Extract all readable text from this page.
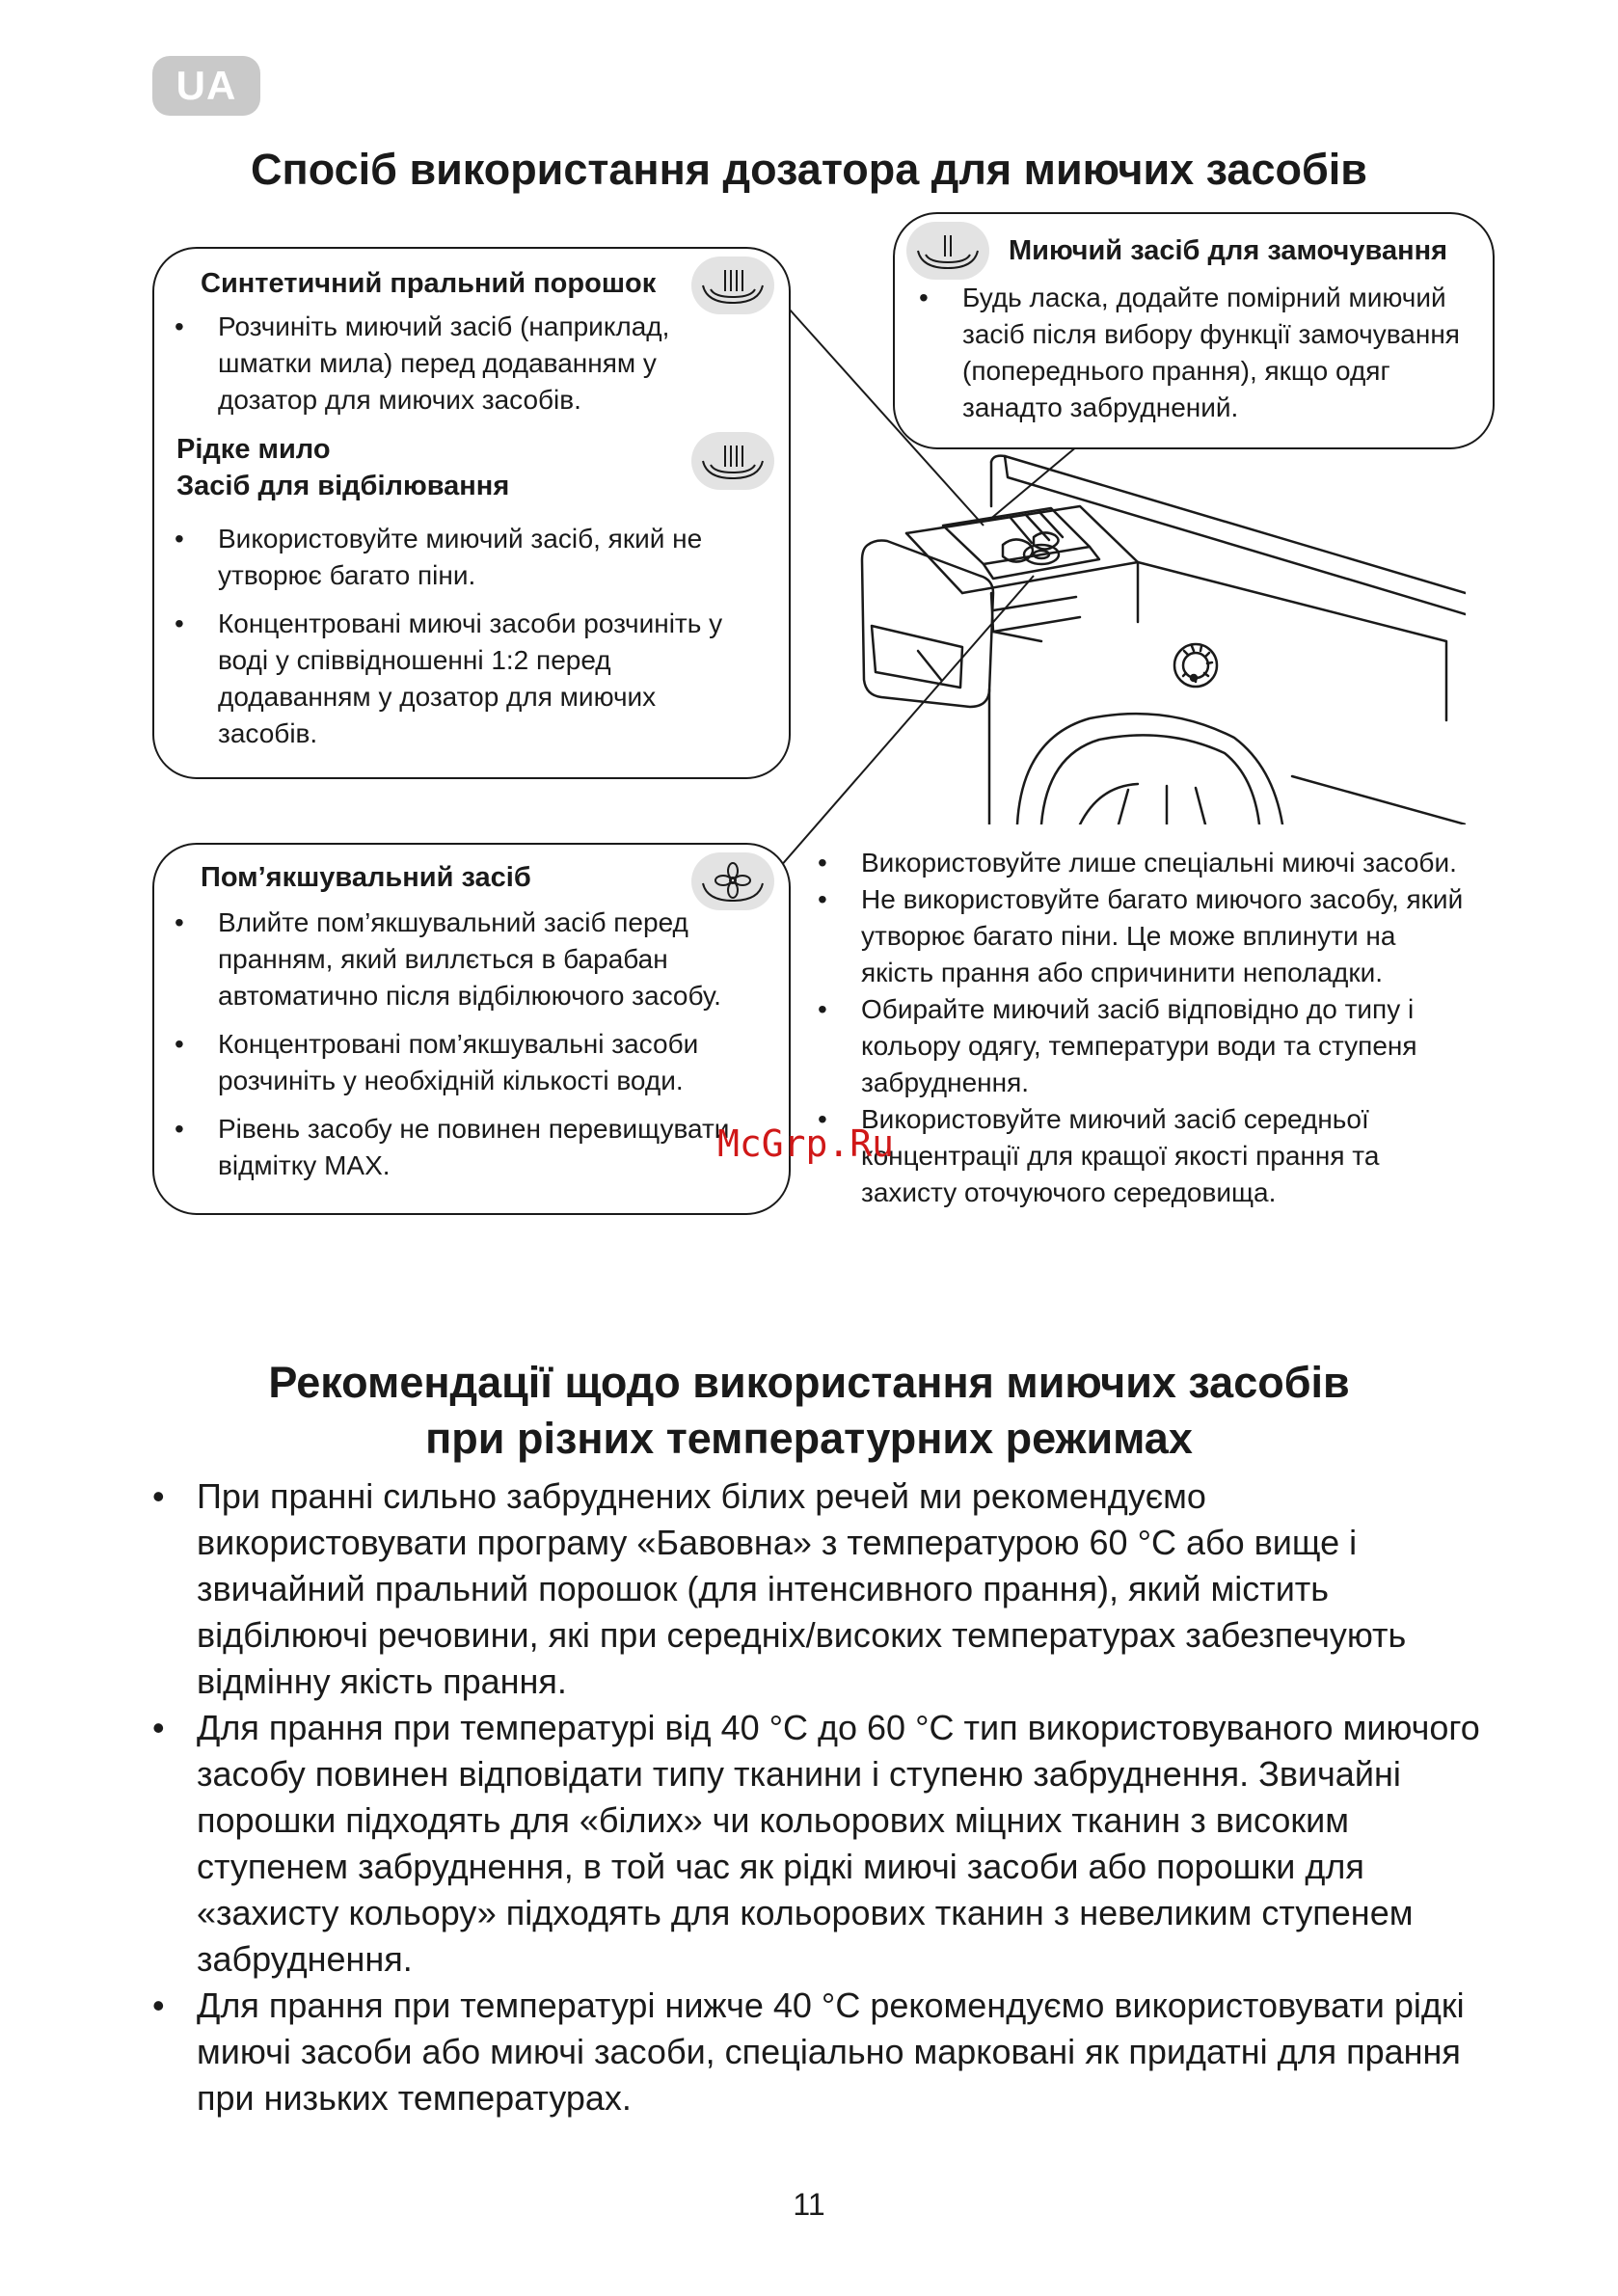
UA
Спосіб використання дозатора для миючих засобів
Синтетичний пральний порошок
• Розчиніть миючий засіб (наприклад, шматки мила) перед додаванням у дозатор для миючих засобів.
Рідке мило
Засіб для відбілювання
• Використовуйте миючий засіб, який не утворює багато піни.
• Концентровані миючі засоби розчиніть у воді у співвідношенні 1:2 перед додаванням у дозатор для миючих засобів.
Миючий засіб для замочування
• Будь ласка, додайте помірний миючий засіб після вибору функції замочування (попереднього прання), якщо одяг занадто забруднений.
Пом’якшувальний засіб
• Влийте пом’якшувальний засіб перед пранням, який виллється в барабан автоматично після відбілюючого засобу.
• Концентровані пом’якшувальні засоби розчиніть у необхідній кількості води.
• Рівень засобу не повинен перевищувати відмітку MAX.
• Використовуйте лише спеціальні миючі засоби.
• Не використовуйте багато миючого засобу, який утворює багато піни. Це може вплинути на якість прання або спричинити неполадки.
• Обирайте миючий засіб відповідно до типу і кольору одягу, температури води та ступеня забруднення.
• Використовуйте миючий засіб середньої концентрації для кращої якості прання та захисту оточуючого середовища.
McGrp.Ru
Рекомендації щодо використання миючих засобів
при різних температурних режимах
• При пранні сильно забруднених білих речей ми рекомендуємо використовувати програму «Бавовна» з температурою 60 °C або вище і звичайний пральний порошок (для інтенсивного прання), який містить відбілюючі речовини, які при середніх/високих температурах забезпечують відмінну якість прання.
• Для прання при температурі від 40 °C до 60 °C тип використовуваного миючого засобу повинен відповідати типу тканини і ступеню забруднення. Звичайні порошки підходять для «білих» чи кольорових міцних тканин з високим ступенем забруднення, в той час як рідкі миючі засоби або порошки для «захисту кольору» підходять для кольорових тканин з невеликим ступенем забруднення.
• Для прання при температурі нижче 40 °C рекомендуємо використовувати рідкі миючі засоби або миючі засоби, спеціально марковані як придатні для прання при низьких температурах.
11
